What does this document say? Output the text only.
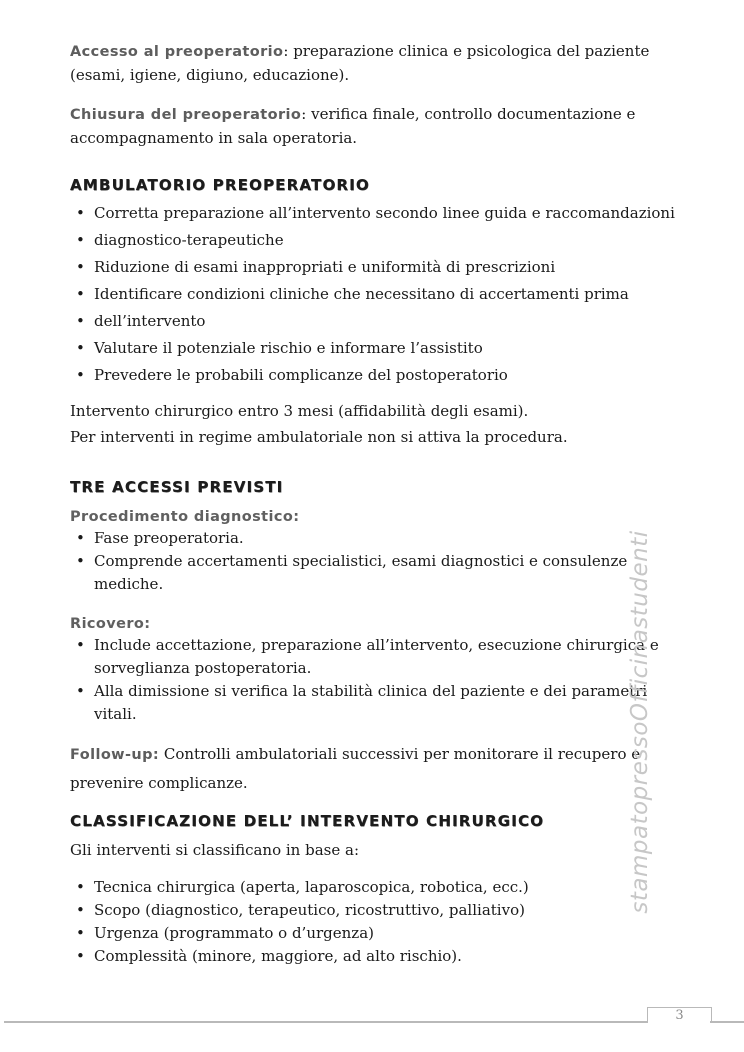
Accesso al preoperatorio: preparazione clinica e psicologica del paziente (esami, igiene, digiuno, educazione).

Chiusura del preoperatorio: verifica finale, controllo documentazione e accompagnamento in sala operatoria.

AMBULATORIO PREOPERATORIO
• Corretta preparazione all’intervento secondo linee guida e raccomandazioni
• diagnostico-terapeutiche
• Riduzione di esami inappropriati e uniformità di prescrizioni
• Identificare condizioni cliniche che necessitano di accertamenti prima
• dell’intervento
• Valutare il potenziale rischio e informare l’assistito
• Prevedere le probabili complicanze del postoperatorio

Intervento chirurgico entro 3 mesi (affidabilità degli esami).

Per interventi in regime ambulatoriale non si attiva la procedura.

TRE ACCESSI PREVISTI

Procedimento diagnostico:

• Fase preoperatoria.
• Comprende accertamenti specialistici, esami diagnostici e consulenze mediche.

Ricovero:

• Include accettazione, preparazione all’intervento, esecuzione chirurgica e sorveglianza postoperatoria.
• Alla dimissione si verifica la stabilità clinica del paziente e dei parametri vitali.

Follow-up: Controlli ambulatoriali successivi per monitorare il recupero e prevenire complicanze.

CLASSIFICAZIONE DELL’ INTERVENTO CHIRURGICO

Gli interventi si classificano in base a:

• Tecnica chirurgica (aperta, laparoscopica, robotica, ecc.)
• Scopo (diagnostico, terapeutico, ricostruttivo, palliativo)
• Urgenza (programmato o d’urgenza)
• Complessità (minore, maggiore, ad alto rischio).
stampatopressoOfficinastudenti
3
